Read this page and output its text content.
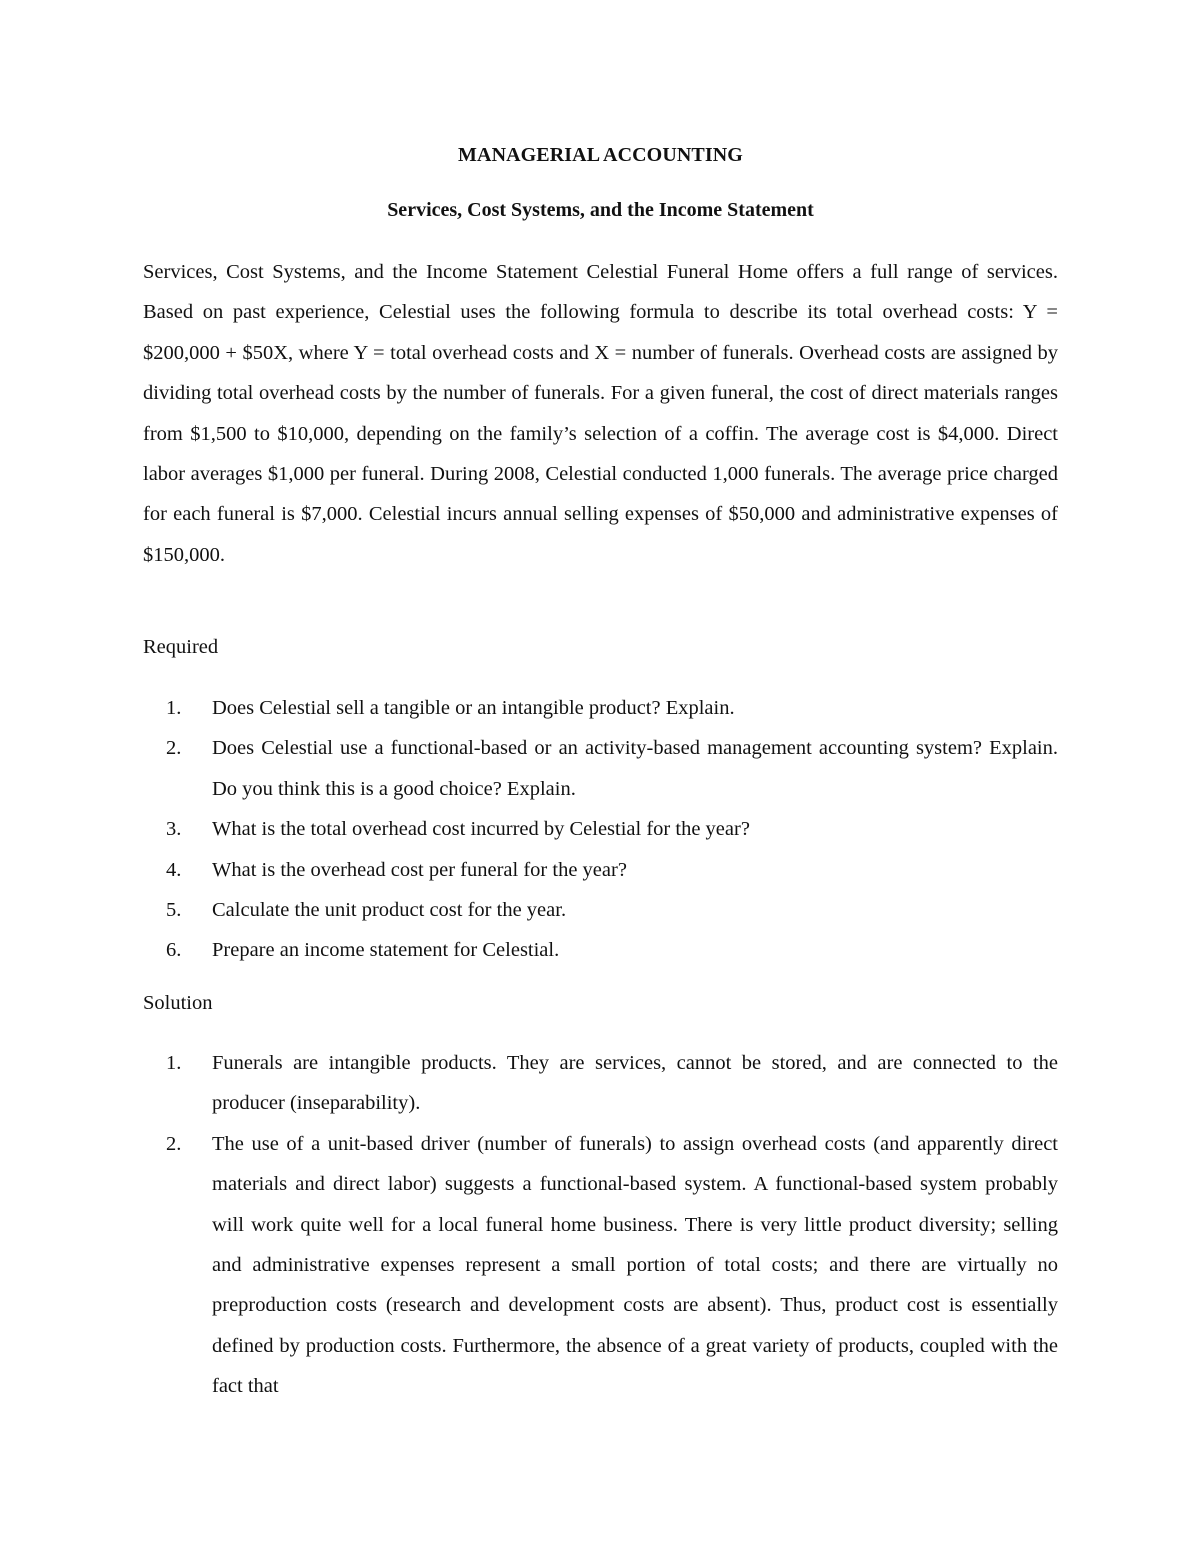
MANAGERIAL ACCOUNTING
Services, Cost Systems, and the Income Statement

Services, Cost Systems, and the Income Statement Celestial Funeral Home offers a full range of services. Based on past experience, Celestial uses the following formula to describe its total overhead costs: Y = $200,000 + $50X, where Y = total overhead costs and X = number of funerals. Overhead costs are assigned by dividing total overhead costs by the number of funerals. For a given funeral, the cost of direct materials ranges from $1,500 to $10,000, depending on the family’s selection of a coffin. The average cost is $4,000. Direct labor averages $1,000 per funeral. During 2008, Celestial conducted 1,000 funerals. The average price charged for each funeral is $7,000. Celestial incurs annual selling expenses of $50,000 and administrative expenses of $150,000.

Required

1. Does Celestial sell a tangible or an intangible product? Explain.
2. Does Celestial use a functional-based or an activity-based management accounting system? Explain. Do you think this is a good choice? Explain.
3. What is the total overhead cost incurred by Celestial for the year?
4. What is the overhead cost per funeral for the year?
5. Calculate the unit product cost for the year.
6. Prepare an income statement for Celestial.

Solution

1. Funerals are intangible products. They are services, cannot be stored, and are connected to the producer (inseparability).
2. The use of a unit-based driver (number of funerals) to assign overhead costs (and apparently direct materials and direct labor) suggests a functional-based system. A functional-based system probably will work quite well for a local funeral home business. There is very little product diversity; selling and administrative expenses represent a small portion of total costs; and there are virtually no preproduction costs (research and development costs are absent). Thus, product cost is essentially defined by production costs. Furthermore, the absence of a great variety of products, coupled with the fact that
